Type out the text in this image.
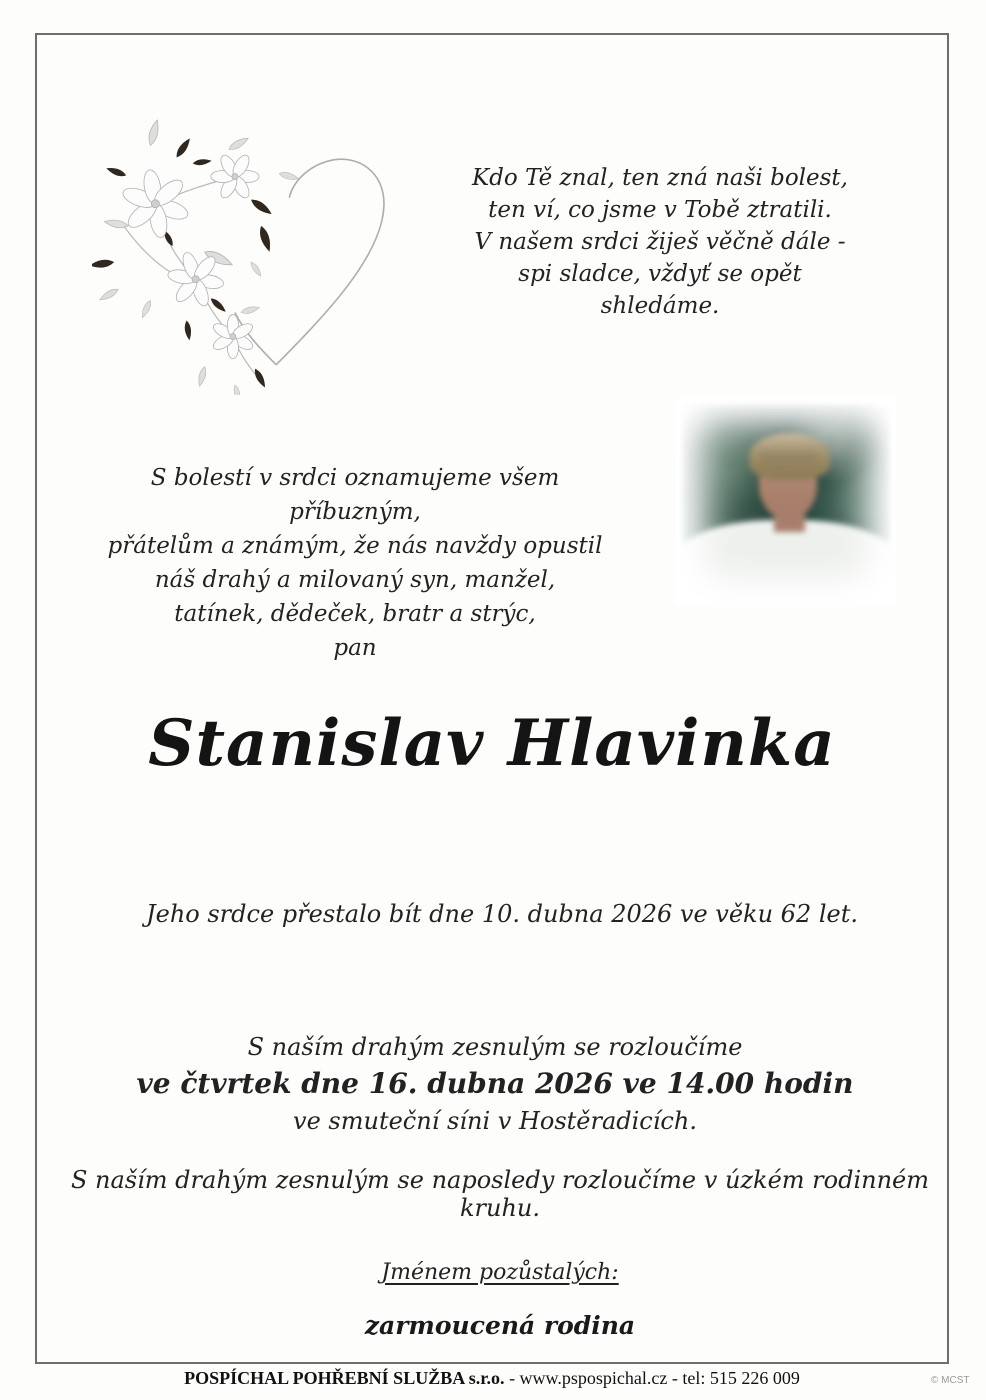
Kdo Tě znal, ten zná naši bolest,
ten ví, co jsme v Tobě ztratili.
V našem srdci žiješ věčně dále -
spi sladce, vždyť se opět shledáme.
S bolestí v srdci oznamujeme všem příbuzným,
přátelům a známým, že nás navždy opustil
náš drahý a milovaný syn, manžel,
tatínek, dědeček, bratr a strýc,
pan
Stanislav Hlavinka
Jeho srdce přestalo bít dne 10. dubna 2026 ve věku 62 let.
S naším drahým zesnulým se rozloučíme
ve čtvrtek dne 16. dubna 2026 ve 14.00 hodin
ve smuteční síni v Hostěradicích.
S naším drahým zesnulým se naposledy rozloučíme v úzkém rodinném kruhu.
Jménem pozůstalých:
zarmoucená rodina
POSPÍCHAL POHŘEBNÍ SLUŽBA s.r.o. - www.pspospichal.cz - tel: 515 226 009	© MCST
